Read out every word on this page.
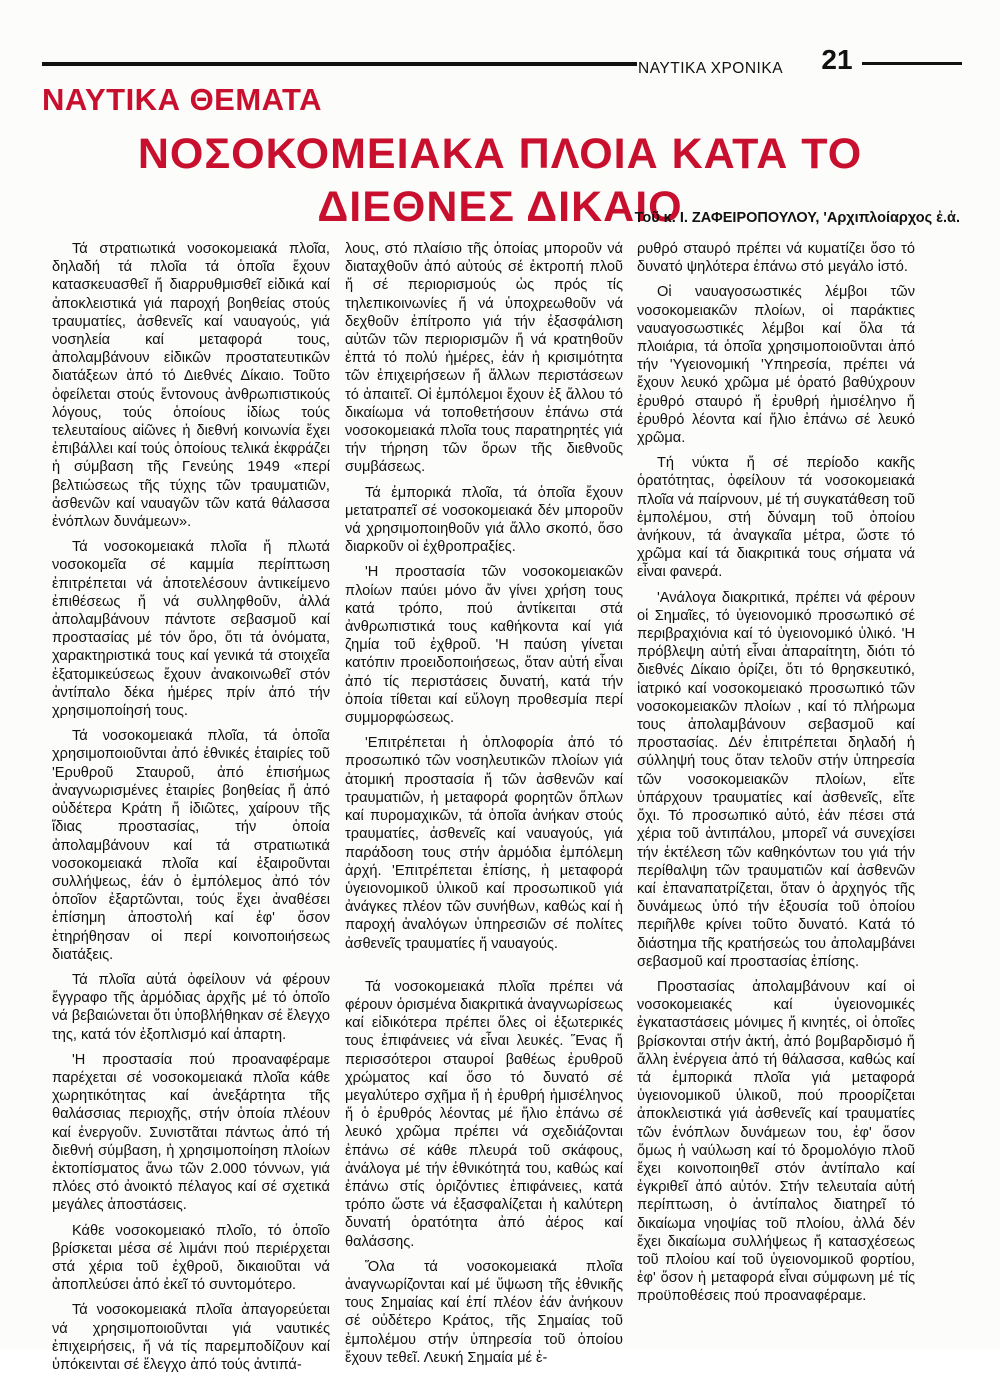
ΝΑΥΤΙΚΑ ΧΡΟΝΙΚΑ	21
ΝΑΥΤΙΚΑ ΘΕΜΑΤΑ
ΝΟΣΟΚΟΜΕΙΑΚΑ ΠΛΟΙΑ ΚΑΤΑ ΤΟ
ΔΙΕΘΝΕΣ ΔΙΚΑΙΟ
Τοῦ κ. Ι. ΖΑΦΕΙΡΟΠΟΥΛΟΥ, 'Αρχιπλοίαρχος ἐ.ἀ.

Τά στρατιωτικά νοσοκομειακά πλοῖα, δηλαδή τά πλοῖα τά ὁποῖα ἔχουν κατασκευασθεῖ ἤ διαρρυθμισθεῖ εἰδικά καί ἀποκλειστικά γιά παροχή βοηθείας στούς τραυματίες, ἀσθενεῖς καί ναυαγούς, γιά νοσηλεία καί μεταφορά τους, ἀπολαμβάνουν εἰδικῶν προστατευτικῶν διατάξεων ἀπό τό Διεθνές Δίκαιο. Τοῦτο ὀφείλεται στούς ἔντονους ἀνθρωπιστικούς λόγους, τούς ὁποίους ἰδίως τούς τελευταίους αἰῶνες ἡ διεθνή κοινωνία ἔχει ἐπιβάλλει καί τούς ὁποίους τελικά ἐκφράζει ἡ σύμβαση τῆς Γενεύης 1949 «περί βελτιώσεως τῆς τύχης τῶν τραυματιῶν, ἀσθενῶν καί ναυαγῶν τῶν κατά θάλασσα ἐνόπλων δυνάμεων».

Τά νοσοκομειακά πλοῖα ἤ πλωτά νοσοκομεῖα σέ καμμία περίπτωση ἐπιτρέπεται νά ἀποτελέσουν ἀντικείμενο ἐπιθέσεως ἤ νά συλληφθοῦν, ἀλλά ἀπολαμβάνουν πάντοτε σεβασμοῦ καί προστασίας μέ τόν ὅρο, ὅτι τά ὀνόματα, χαρακτηριστικά τους καί γενικά τά στοιχεῖα ἐξατομικεύσεως ἔχουν ἀνακοινωθεῖ στόν ἀντίπαλο δέκα ἡμέρες πρίν ἀπό τήν χρησιμοποίησή τους.

Τά νοσοκομειακά πλοῖα, τά ὁποῖα χρησιμοποιοῦνται ἀπό ἐθνικές ἑταιρίες τοῦ 'Ερυθροῦ Σταυροῦ, ἀπό ἐπισήμως ἀναγνωρισμένες ἑταιρίες βοηθείας ἤ ἀπό οὐδέτερα Κράτη ἤ ἰδιῶτες, χαίρουν τῆς ἴδιας προστασίας, τήν ὁποία ἀπολαμβάνουν καί τά στρατιωτικά νοσοκομειακά πλοῖα καί ἐξαιροῦνται συλλήψεως, ἐάν ὁ ἐμπόλεμος ἀπό τόν ὁποῖον ἐξαρτῶνται, τούς ἔχει ἀναθέσει ἐπίσημη ἀποστολή καί ἐφ' ὅσον ἐτηρήθησαν οἱ περί κοινοποιήσεως διατάξεις.

Τά πλοῖα αὐτά ὀφείλουν νά φέρουν ἔγγραφο τῆς ἁρμόδιας ἀρχῆς μέ τό ὁποῖο νά βεβαιώνεται ὅτι ὑποβλήθηκαν σέ ἔλεγχο της, κατά τόν ἐξοπλισμό καί ἀπαρτη.

'Η προστασία πού προαναφέραμε παρέχεται σέ νοσοκομειακά πλοῖα κάθε χωρητικότητας καί ἀνεξάρτητα τῆς θαλάσσιας περιοχῆς, στήν ὁποία πλέουν καί ἐνεργοῦν. Συνιστᾶται πάντως ἀπό τή διεθνή σύμβαση, ἡ χρησιμοποίηση πλοίων ἐκτοπίσματος ἄνω τῶν 2.000 τόννων, γιά πλόες στό ἀνοικτό πέλαγος καί σέ σχετικά μεγάλες ἀποστάσεις.

Κάθε νοσοκομειακό πλοῖο, τό ὁποῖο βρίσκεται μέσα σέ λιμάνι πού περιέρχεται στά χέρια τοῦ ἐχθροῦ, δικαιοῦται νά ἀποπλεύσει ἀπό ἐκεῖ τό συντομότερο.

Τά νοσοκομειακά πλοῖα ἀπαγορεύεται νά χρησιμοποιοῦνται γιά ναυτικές ἐπιχειρήσεις, ἤ νά τίς παρεμποδίζουν καί ὑπόκεινται σέ ἔλεγχο ἀπό τούς ἀντιπά-

λους, στό πλαίσιο τῆς ὁποίας μποροῦν νά διαταχθοῦν ἀπό αὐτούς σέ ἐκτροπή πλοῦ ἤ σέ περιορισμούς ὡς πρός τίς τηλεπικοινωνίες ἤ νά ὑποχρεωθοῦν νά δεχθοῦν ἐπίτροπο γιά τήν ἐξασφάλιση αὐτῶν τῶν περιορισμῶν ἤ νά κρατηθοῦν ἐπτά τό πολύ ἡμέρες, ἐάν ἡ κρισιμότητα τῶν ἐπιχειρήσεων ἤ ἄλλων περιστάσεων τό ἀπαιτεῖ. Οἱ ἐμπόλεμοι ἔχουν ἐξ ἄλλου τό δικαίωμα νά τοποθετήσουν ἐπάνω στά νοσοκομειακά πλοῖα τους παρατηρητές γιά τήν τήρηση τῶν ὅρων τῆς διεθνοῦς συμβάσεως.

Τά ἐμπορικά πλοῖα, τά ὁποῖα ἔχουν μετατραπεῖ σέ νοσοκομειακά δέν μποροῦν νά χρησιμοποιηθοῦν γιά ἄλλο σκοπό, ὅσο διαρκοῦν οἱ ἐχθροπραξίες.

'Η προστασία τῶν νοσοκομειακῶν πλοίων παύει μόνο ἄν γίνει χρήση τους κατά τρόπο, πού ἀντίκειται στά ἀνθρωπιστικά τους καθήκοντα καί γιά ζημία τοῦ ἐχθροῦ. 'Η παύση γίνεται κατόπιν προειδοποιήσεως, ὅταν αὐτή εἶναι ἀπό τίς περιστάσεις δυνατή, κατά τήν ὁποία τίθεται καί εὔλογη προθεσμία περί συμμορφώσεως.

'Επιτρέπεται ἡ ὁπλοφορία ἀπό τό προσωπικό τῶν νοσηλευτικῶν πλοίων γιά ἀτομική προστασία ἤ τῶν ἀσθενῶν καί τραυματιῶν, ἡ μεταφορά φορητῶν ὅπλων καί πυρομαχικῶν, τά ὁποῖα ἀνήκαν στούς τραυματίες, ἀσθενεῖς καί ναυαγούς, γιά παράδοση τους στήν ἁρμόδια ἐμπόλεμη ἀρχή. 'Επιτρέπεται ἐπίσης, ἡ μεταφορά ὑγειονομικοῦ ὑλικοῦ καί προσωπικοῦ γιά ἀνάγκες πλέον τῶν συνήθων, καθώς καί ἡ παροχή ἀναλόγων ὑπηρεσιῶν σέ πολίτες ἀσθενεῖς τραυματίες ἤ ναυαγούς.

Τά νοσοκομειακά πλοῖα πρέπει νά φέρουν ὁρισμένα διακριτικά ἀναγνωρίσεως καί εἰδικότερα πρέπει ὅλες οἱ ἐξωτερικές τους ἐπιφάνειες νά εἶναι λευκές. Ἕνας ἤ περισσότεροι σταυροί βαθέως ἐρυθροῦ χρώματος καί ὅσο τό δυνατό σέ μεγαλύτερο σχῆμα ἤ ἡ ἐρυθρή ἡμισέληνος ἤ ὁ ἐρυθρός λέοντας μέ ἥλιο ἐπάνω σέ λευκό χρῶμα πρέπει νά σχεδιάζονται ἐπάνω σέ κάθε πλευρά τοῦ σκάφους, ἀνάλογα μέ τήν ἐθνικότητά του, καθώς καί ἐπάνω στίς ὁριζόντιες ἐπιφάνειες, κατά τρόπο ὥστε νά ἐξασφαλίζεται ἡ καλύτερη δυνατή ὁρατότητα ἀπό ἀέρος καί θαλάσσης.

Ὅλα τά νοσοκομειακά πλοῖα ἀναγνωρίζονται καί μέ ὕψωση τῆς ἐθνικῆς τους Σημαίας καί ἐπί πλέον ἐάν ἀνήκουν σέ οὐδέτερο Κράτος, τῆς Σημαίας τοῦ ἐμπολέμου στήν ὑπηρεσία τοῦ ὁποίου ἔχουν τεθεῖ. Λευκή Σημαία μέ ἐ-

ρυθρό σταυρό πρέπει νά κυματίζει ὅσο τό δυνατό ψηλότερα ἐπάνω στό μεγάλο ἱστό.

Οἱ ναυαγοσωστικές λέμβοι τῶν νοσοκομειακῶν πλοίων, οἱ παράκτιες ναυαγοσωστικές λέμβοι καί ὅλα τά πλοιάρια, τά ὁποῖα χρησιμοποιοῦνται ἀπό τήν 'Υγειονομική 'Υπηρεσία, πρέπει νά ἔχουν λευκό χρῶμα μέ ὁρατό βαθύχρουν ἐρυθρό σταυρό ἤ ἐρυθρή ἡμισέληνο ἤ ἐρυθρό λέοντα καί ἥλιο ἐπάνω σέ λευκό χρῶμα.

Τή νύκτα ἤ σέ περίοδο κακῆς ὁρατότητας, ὀφείλουν τά νοσοκομειακά πλοῖα νά παίρνουν, μέ τή συγκατάθεση τοῦ ἐμπολέμου, στή δύναμη τοῦ ὁποίου ἀνήκουν, τά ἀναγκαῖα μέτρα, ὥστε τό χρῶμα καί τά διακριτικά τους σήματα νά εἶναι φανερά.

'Ανάλογα διακριτικά, πρέπει νά φέρουν οἱ Σημαῖες, τό ὑγειονομικό προσωπικό σέ περιβραχιόνια καί τό ὑγειονομικό ὑλικό. 'Η πρόβλεψη αὐτή εἶναι ἀπαραίτητη, διότι τό διεθνές Δίκαιο ὁρίζει, ὅτι τό θρησκευτικό, ἰατρικό καί νοσοκομειακό προσωπικό τῶν νοσοκομειακῶν πλοίων , καί τό πλήρωμα τους ἀπολαμβάνουν σεβασμοῦ καί προστασίας. Δέν ἐπιτρέπεται δηλαδή ἡ σύλληψή τους ὅταν τελοῦν στήν ὑπηρεσία τῶν νοσοκομειακῶν πλοίων, εἴτε ὑπάρχουν τραυματίες καί ἀσθενεῖς, εἴτε ὄχι. Τό προσωπικό αὐτό, ἐάν πέσει στά χέρια τοῦ ἀντιπάλου, μπορεῖ νά συνεχίσει τήν ἐκτέλεση τῶν καθηκόντων του γιά τήν περίθαλψη τῶν τραυματιῶν καί ἀσθενῶν καί ἐπαναπατρίζεται, ὅταν ὁ ἀρχηγός τῆς δυνάμεως ὑπό τήν ἐξουσία τοῦ ὁποίου περιῆλθε κρίνει τοῦτο δυνατό. Κατά τό διάστημα τῆς κρατήσεώς του ἀπολαμβάνει σεβασμοῦ καί προστασίας ἐπίσης.

Προστασίας ἀπολαμβάνουν καί οἱ νοσοκομειακές καί ὑγειονομικές ἐγκαταστάσεις μόνιμες ἤ κινητές, οἱ ὁποῖες βρίσκονται στήν ἀκτή, ἀπό βομβαρδισμό ἤ ἄλλη ἐνέργεια ἀπό τή θάλασσα, καθώς καί τά ἐμπορικά πλοῖα γιά μεταφορά ὑγειονομικοῦ ὑλικοῦ, πού προορίζεται ἀποκλειστικά γιά ἀσθενεῖς καί τραυματίες τῶν ἐνόπλων δυνάμεων του, ἐφ' ὅσον ὅμως ἡ ναύλωση καί τό δρομολόγιο πλοῦ ἔχει κοινοποιηθεῖ στόν ἀντίπαλο καί ἐγκριθεῖ ἀπό αὐτόν. Στήν τελευταία αὐτή περίπτωση, ὁ ἀντίπαλος διατηρεῖ τό δικαίωμα νηοψίας τοῦ πλοίου, ἀλλά δέν ἔχει δικαίωμα συλλήψεως ἤ κατασχέσεως τοῦ πλοίου καί τοῦ ὑγειονομικοῦ φορτίου, ἐφ' ὅσον ἡ μεταφορά εἶναι σύμφωνη μέ τίς προϋποθέσεις πού προαναφέραμε.
